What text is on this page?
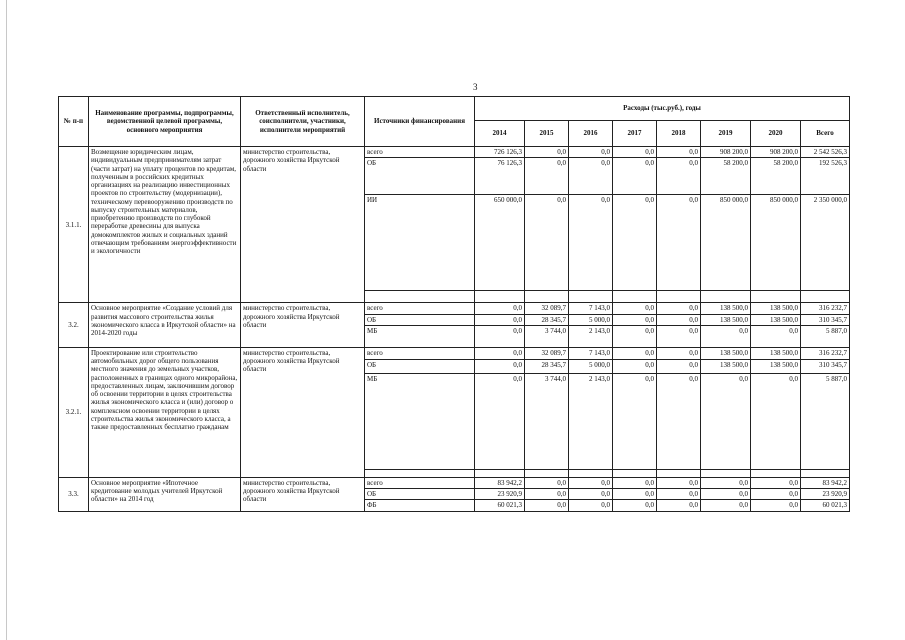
3
№ п-п	Наименование программы, подпрограммы, ведомственной целевой программы, основного мероприятия	Ответственный исполнитель, соисполнители, участники, исполнители мероприятий	Источники финансирования	Расходы (тыс.руб.), годы							
				2014	2015	2016	2017	2018	2019	2020	Всего
3.1.1.	Возмещение юридическим лицам, индивидуальным предпринимателям затрат (части затрат) на уплату процентов по кредитам, полученным в российских кредитных организациях на реализацию инвестиционных проектов по строительству (модернизации), техническому перевооружению производств по выпуску строительных материалов, приобретению производств по глубокой переработке древесины для выпуска домокомплектов жилых и социальных зданий отвечающим требованиям энергоэффективности и экологичности	министерство строительства, дорожного хозяйства Иркутской области	всего	726 126,3	0,0	0,0	0,0	0,0	908 200,0	908 200,0	2 542 526,3
			ОБ	76 126,3	0,0	0,0	0,0	0,0	58 200,0	58 200,0	192 526,3
			ИИ	650 000,0	0,0	0,0	0,0	0,0	850 000,0	850 000,0	2 350 000,0

3.2.	Основное мероприятие «Создание условий для развития массового строительства жилья экономического класса в Иркутской области» на 2014-2020 годы	министерство строительства, дорожного хозяйства Иркутской области	всего	0,0	32 089,7	7 143,0	0,0	0,0	138 500,0	138 500,0	316 232,7
			ОБ	0,0	28 345,7	5 000,0	0,0	0,0	138 500,0	138 500,0	310 345,7
			МБ	0,0	3 744,0	2 143,0	0,0	0,0	0,0	0,0	5 887,0
3.2.1.	Проектирование или строительство автомобильных дорог общего пользования местного значения до земельных участков, расположенных в границах одного микрорайона, предоставленных лицам, заключившим договор об освоении территории в целях строительства жилья экономического класса и (или) договор о комплексном освоении территории в целях строительства жилья экономического класса, а также предоставленных бесплатно гражданам	министерство строительства, дорожного хозяйства Иркутской области	всего	0,0	32 089,7	7 143,0	0,0	0,0	138 500,0	138 500,0	316 232,7
			ОБ	0,0	28 345,7	5 000,0	0,0	0,0	138 500,0	138 500,0	310 345,7
			МБ	0,0	3 744,0	2 143,0	0,0	0,0	0,0	0,0	5 887,0

3.3.	Основное мероприятие «Ипотечное кредитование молодых учителей Иркутской области» на 2014 год	министерство строительства, дорожного хозяйства Иркутской области	всего	83 942,2	0,0	0,0	0,0	0,0	0,0	0,0	83 942,2
			ОБ	23 920,9	0,0	0,0	0,0	0,0	0,0	0,0	23 920,9
			ФБ	60 021,3	0,0	0,0	0,0	0,0	0,0	0,0	60 021,3
